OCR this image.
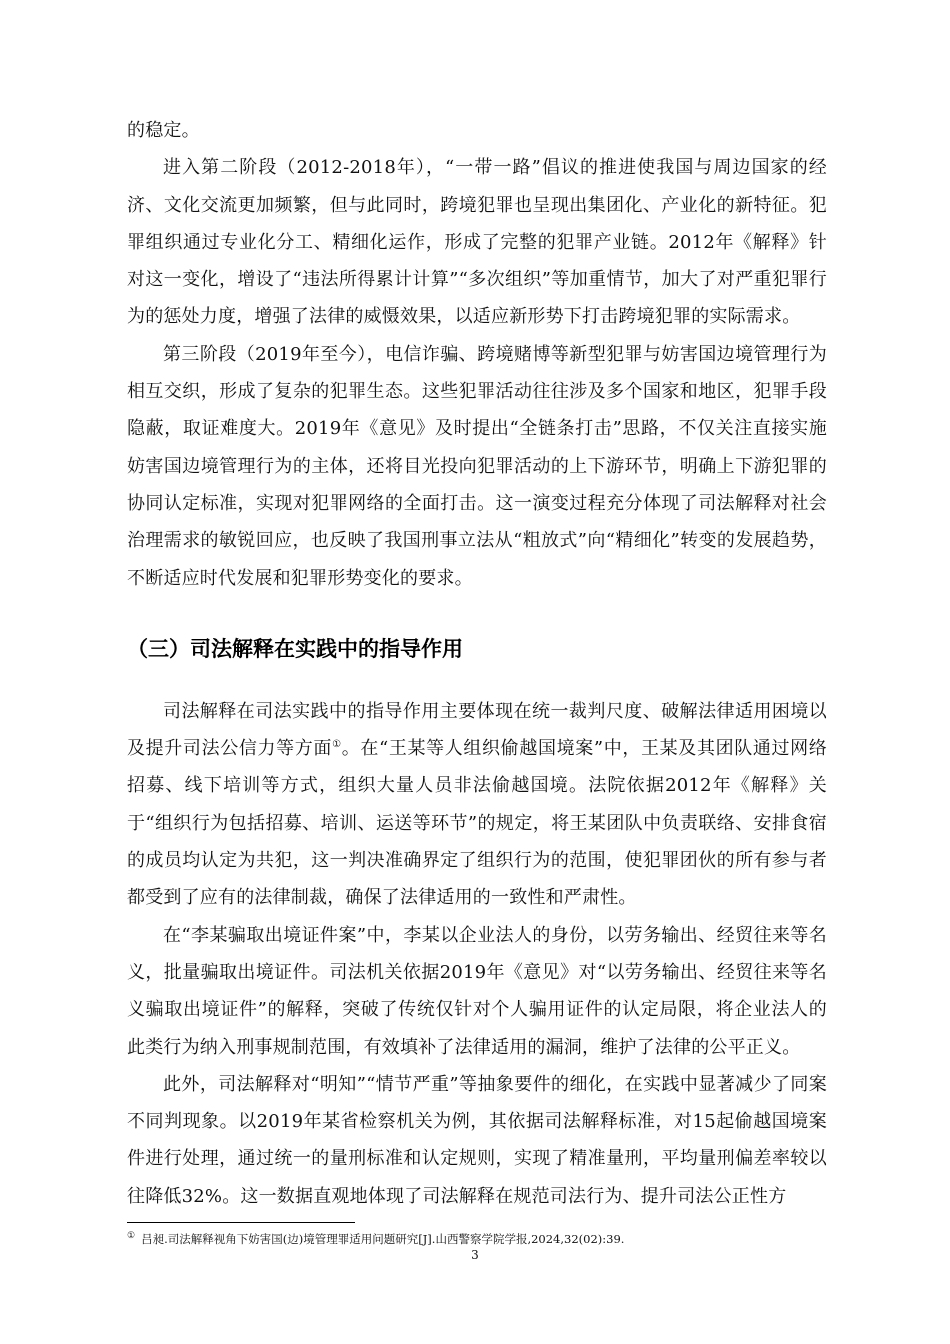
的稳定。

进入第二阶段（2012-2018年），“一带一路”倡议的推进使我国与周边国家的经济、文化交流更加频繁，但与此同时，跨境犯罪也呈现出集团化、产业化的新特征。犯罪组织通过专业化分工、精细化运作，形成了完整的犯罪产业链。2012年《解释》针对这一变化，增设了“违法所得累计计算”“多次组织”等加重情节，加大了对严重犯罪行为的惩处力度，增强了法律的威慑效果，以适应新形势下打击跨境犯罪的实际需求。

第三阶段（2019年至今），电信诈骗、跨境赌博等新型犯罪与妨害国边境管理行为相互交织，形成了复杂的犯罪生态。这些犯罪活动往往涉及多个国家和地区，犯罪手段隐蔽，取证难度大。2019年《意见》及时提出“全链条打击”思路，不仅关注直接实施妨害国边境管理行为的主体，还将目光投向犯罪活动的上下游环节，明确上下游犯罪的协同认定标准，实现对犯罪网络的全面打击。这一演变过程充分体现了司法解释对社会治理需求的敏锐回应，也反映了我国刑事立法从“粗放式”向“精细化”转变的发展趋势，不断适应时代发展和犯罪形势变化的要求。

（三）司法解释在实践中的指导作用

司法解释在司法实践中的指导作用主要体现在统一裁判尺度、破解法律适用困境以及提升司法公信力等方面①。在“王某等人组织偷越国境案”中，王某及其团队通过网络招募、线下培训等方式，组织大量人员非法偷越国境。法院依据2012年《解释》关于“组织行为包括招募、培训、运送等环节”的规定，将王某团队中负责联络、安排食宿的成员均认定为共犯，这一判决准确界定了组织行为的范围，使犯罪团伙的所有参与者都受到了应有的法律制裁，确保了法律适用的一致性和严肃性。

在“李某骗取出境证件案”中，李某以企业法人的身份，以劳务输出、经贸往来等名义，批量骗取出境证件。司法机关依据2019年《意见》对“以劳务输出、经贸往来等名义骗取出境证件”的解释，突破了传统仅针对个人骗用证件的认定局限，将企业法人的此类行为纳入刑事规制范围，有效填补了法律适用的漏洞，维护了法律的公平正义。

此外，司法解释对“明知”“情节严重”等抽象要件的细化，在实践中显著减少了同案不同判现象。以2019年某省检察机关为例，其依据司法解释标准，对15起偷越国境案件进行处理，通过统一的量刑标准和认定规则，实现了精准量刑，平均量刑偏差率较以往降低32%。这一数据直观地体现了司法解释在规范司法行为、提升司法公正性方

① 吕昶.司法解释视角下妨害国(边)境管理罪适用问题研究[J].山西警察学院学报,2024,32(02):39.
3
